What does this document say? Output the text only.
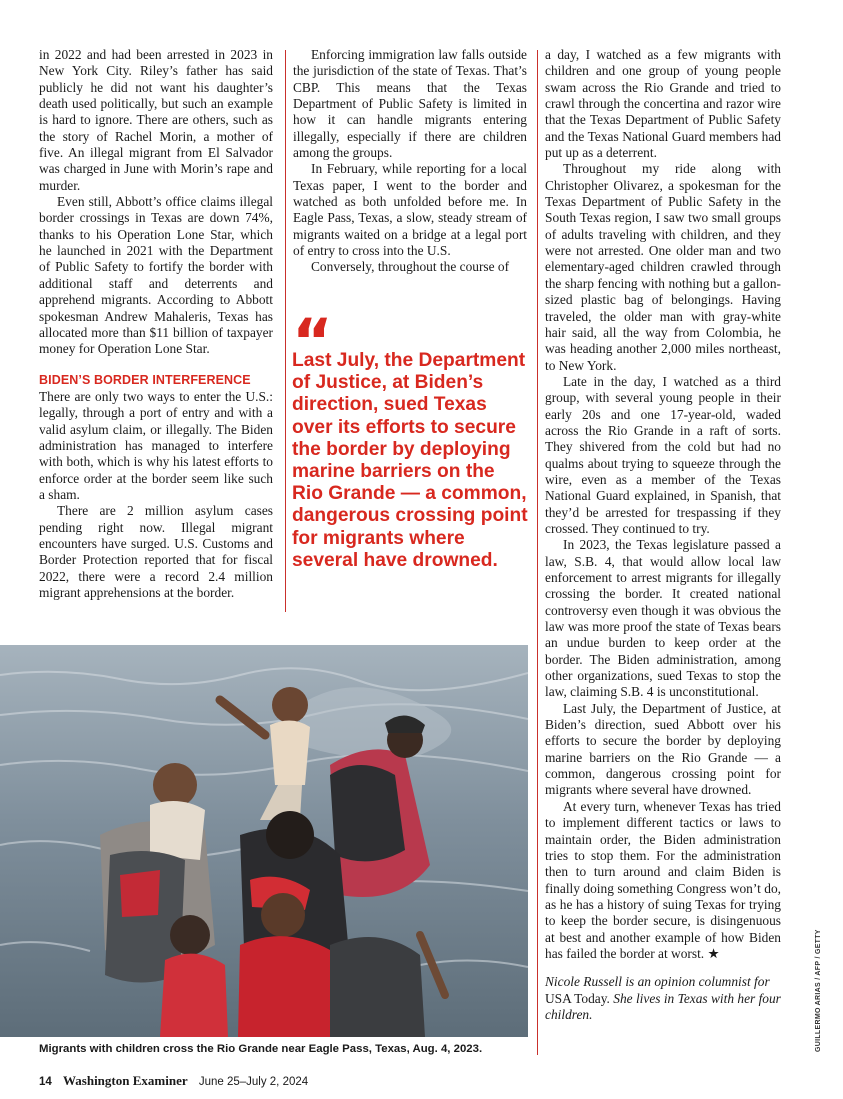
in 2022 and had been arrested in 2023 in New York City. Riley’s father has said publicly he did not want his daughter’s death used politically, but such an example is hard to ignore. There are others, such as the story of Rachel Morin, a mother of five. An illegal migrant from El Salvador was charged in June with Morin’s rape and murder.

Even still, Abbott’s office claims illegal border crossings in Texas are down 74%, thanks to his Operation Lone Star, which he launched in 2021 with the Department of Public Safety to fortify the border with additional staff and deterrents and apprehend migrants. According to Abbott spokesman Andrew Mahaleris, Texas has allocated more than $11 billion of taxpayer money for Operation Lone Star.

BIDEN’S BORDER INTERFERENCE

There are only two ways to enter the U.S.: legally, through a port of entry and with a valid asylum claim, or illegally. The Biden administration has managed to interfere with both, which is why his latest efforts to enforce order at the border seem like such a sham.

There are 2 million asylum cases pending right now. Illegal migrant encounters have surged. U.S. Customs and Border Protection reported that for fiscal 2022, there were a record 2.4 million migrant apprehensions at the border.

Enforcing immigration law falls outside the jurisdiction of the state of Texas. That’s CBP. This means that the Texas Department of Public Safety is limited in how it can handle migrants entering illegally, especially if there are children among the groups.

In February, while reporting for a local Texas paper, I went to the border and watched as both unfolded before me. In Eagle Pass, Texas, a slow, steady stream of migrants waited on a bridge at a legal port of entry to cross into the U.S.

Conversely, throughout the course of

“
Last July, the Department of Justice, at Biden’s direction, sued Texas over its efforts to secure the border by deploying marine barriers on the Rio Grande — a common, dangerous crossing point for migrants where several have drowned.

a day, I watched as a few migrants with children and one group of young people swam across the Rio Grande and tried to crawl through the concertina and razor wire that the Texas Department of Public Safety and the Texas National Guard members had put up as a deterrent.

Throughout my ride along with Christopher Olivarez, a spokesman for the Texas Department of Public Safety in the South Texas region, I saw two small groups of adults traveling with children, and they were not arrested. One older man and two elementary-aged children crawled through the sharp fencing with nothing but a gallon-sized plastic bag of belongings. Having traveled, the older man with gray-white hair said, all the way from Colombia, he was heading another 2,000 miles northeast, to New York.

Late in the day, I watched as a third group, with several young people in their early 20s and one 17-year-old, waded across the Rio Grande in a raft of sorts. They shivered from the cold but had no qualms about trying to squeeze through the wire, even as a member of the Texas National Guard explained, in Spanish, that they’d be arrested for trespassing if they crossed. They continued to try.

In 2023, the Texas legislature passed a law, S.B. 4, that would allow local law enforcement to arrest migrants for illegally crossing the border. It created national controversy even though it was obvious the law was more proof the state of Texas bears an undue burden to keep order at the border. The Biden administration, among other organizations, sued Texas to stop the law, claiming S.B. 4 is unconstitutional.

Last July, the Department of Justice, at Biden’s direction, sued Abbott over his efforts to secure the border by deploying marine barriers on the Rio Grande — a common, dangerous crossing point for migrants where several have drowned.

At every turn, whenever Texas has tried to implement different tactics or laws to maintain order, the Biden administration tries to stop them. For the administration then to turn around and claim Biden is finally doing something Congress won’t do, as he has a history of suing Texas for trying to keep the border secure, is disingenuous at best and another example of how Biden has failed the border at worst. ★

Nicole Russell is an opinion columnist for USA Today. She lives in Texas with her four children.

Migrants with children cross the Rio Grande near Eagle Pass, Texas, Aug. 4, 2023.	GUILLERMO ARIAS / AFP / GETTY
14 Washington Examiner June 25–July 2, 2024
